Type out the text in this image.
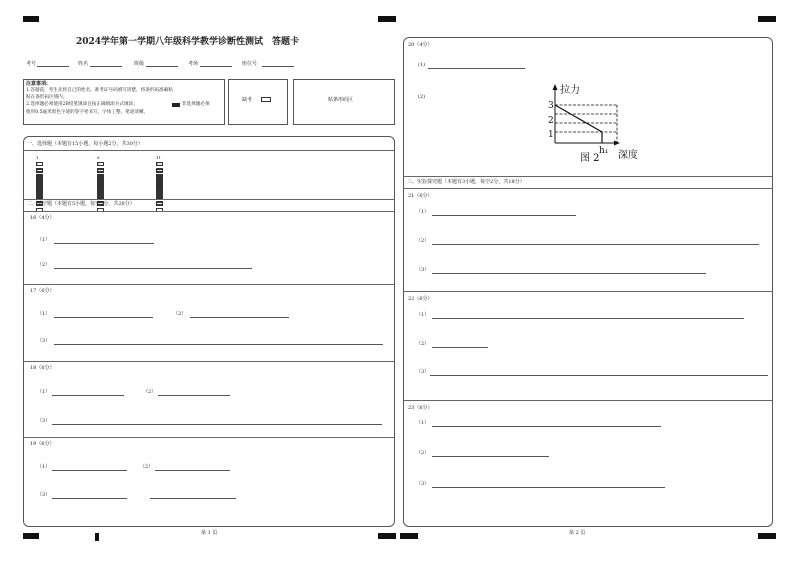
2024学年第一学期八年级科学教学诊断性测试　答题卡
考号	姓名	班级	考场	座位号
注意事项:
1.答题前，考生先将自己的姓名、准考证号码填写清楚，将条形码准确粘
贴在条形码区域内。
2.选择题必须使用2B铅笔填涂且按正确填涂方式填涂；	非选择题必须
使用0.5毫米黑色字迹的签字笔书写，字体工整、笔迹清晰。
缺考	贴条形码区
一、选择题（本题有15小题，每小题2分，共30分）
1
2
3
4
5
6
7
8
9
10
11
12
13
14
15
二、填空题（本题有5小题，每空2分，共28分）
16（4分）
（1）
（2）
17（6分）
（1）	（2）
（3）
18（6分）
（1）	（2）
（3）
19（6分）
（1）	（2）
（3）
第 1 页
20（4分）
(1)
(2)
拉力
深度
图 2
h₁
3
2
1
三、实验探究题（本题有3小题，每空2分，共18分）
21（6分）
（1）
（2）
（3）
22（6分）
（1）
（2）
（3）
23（6分）
（1）
（2）
（3）
第 2 页
